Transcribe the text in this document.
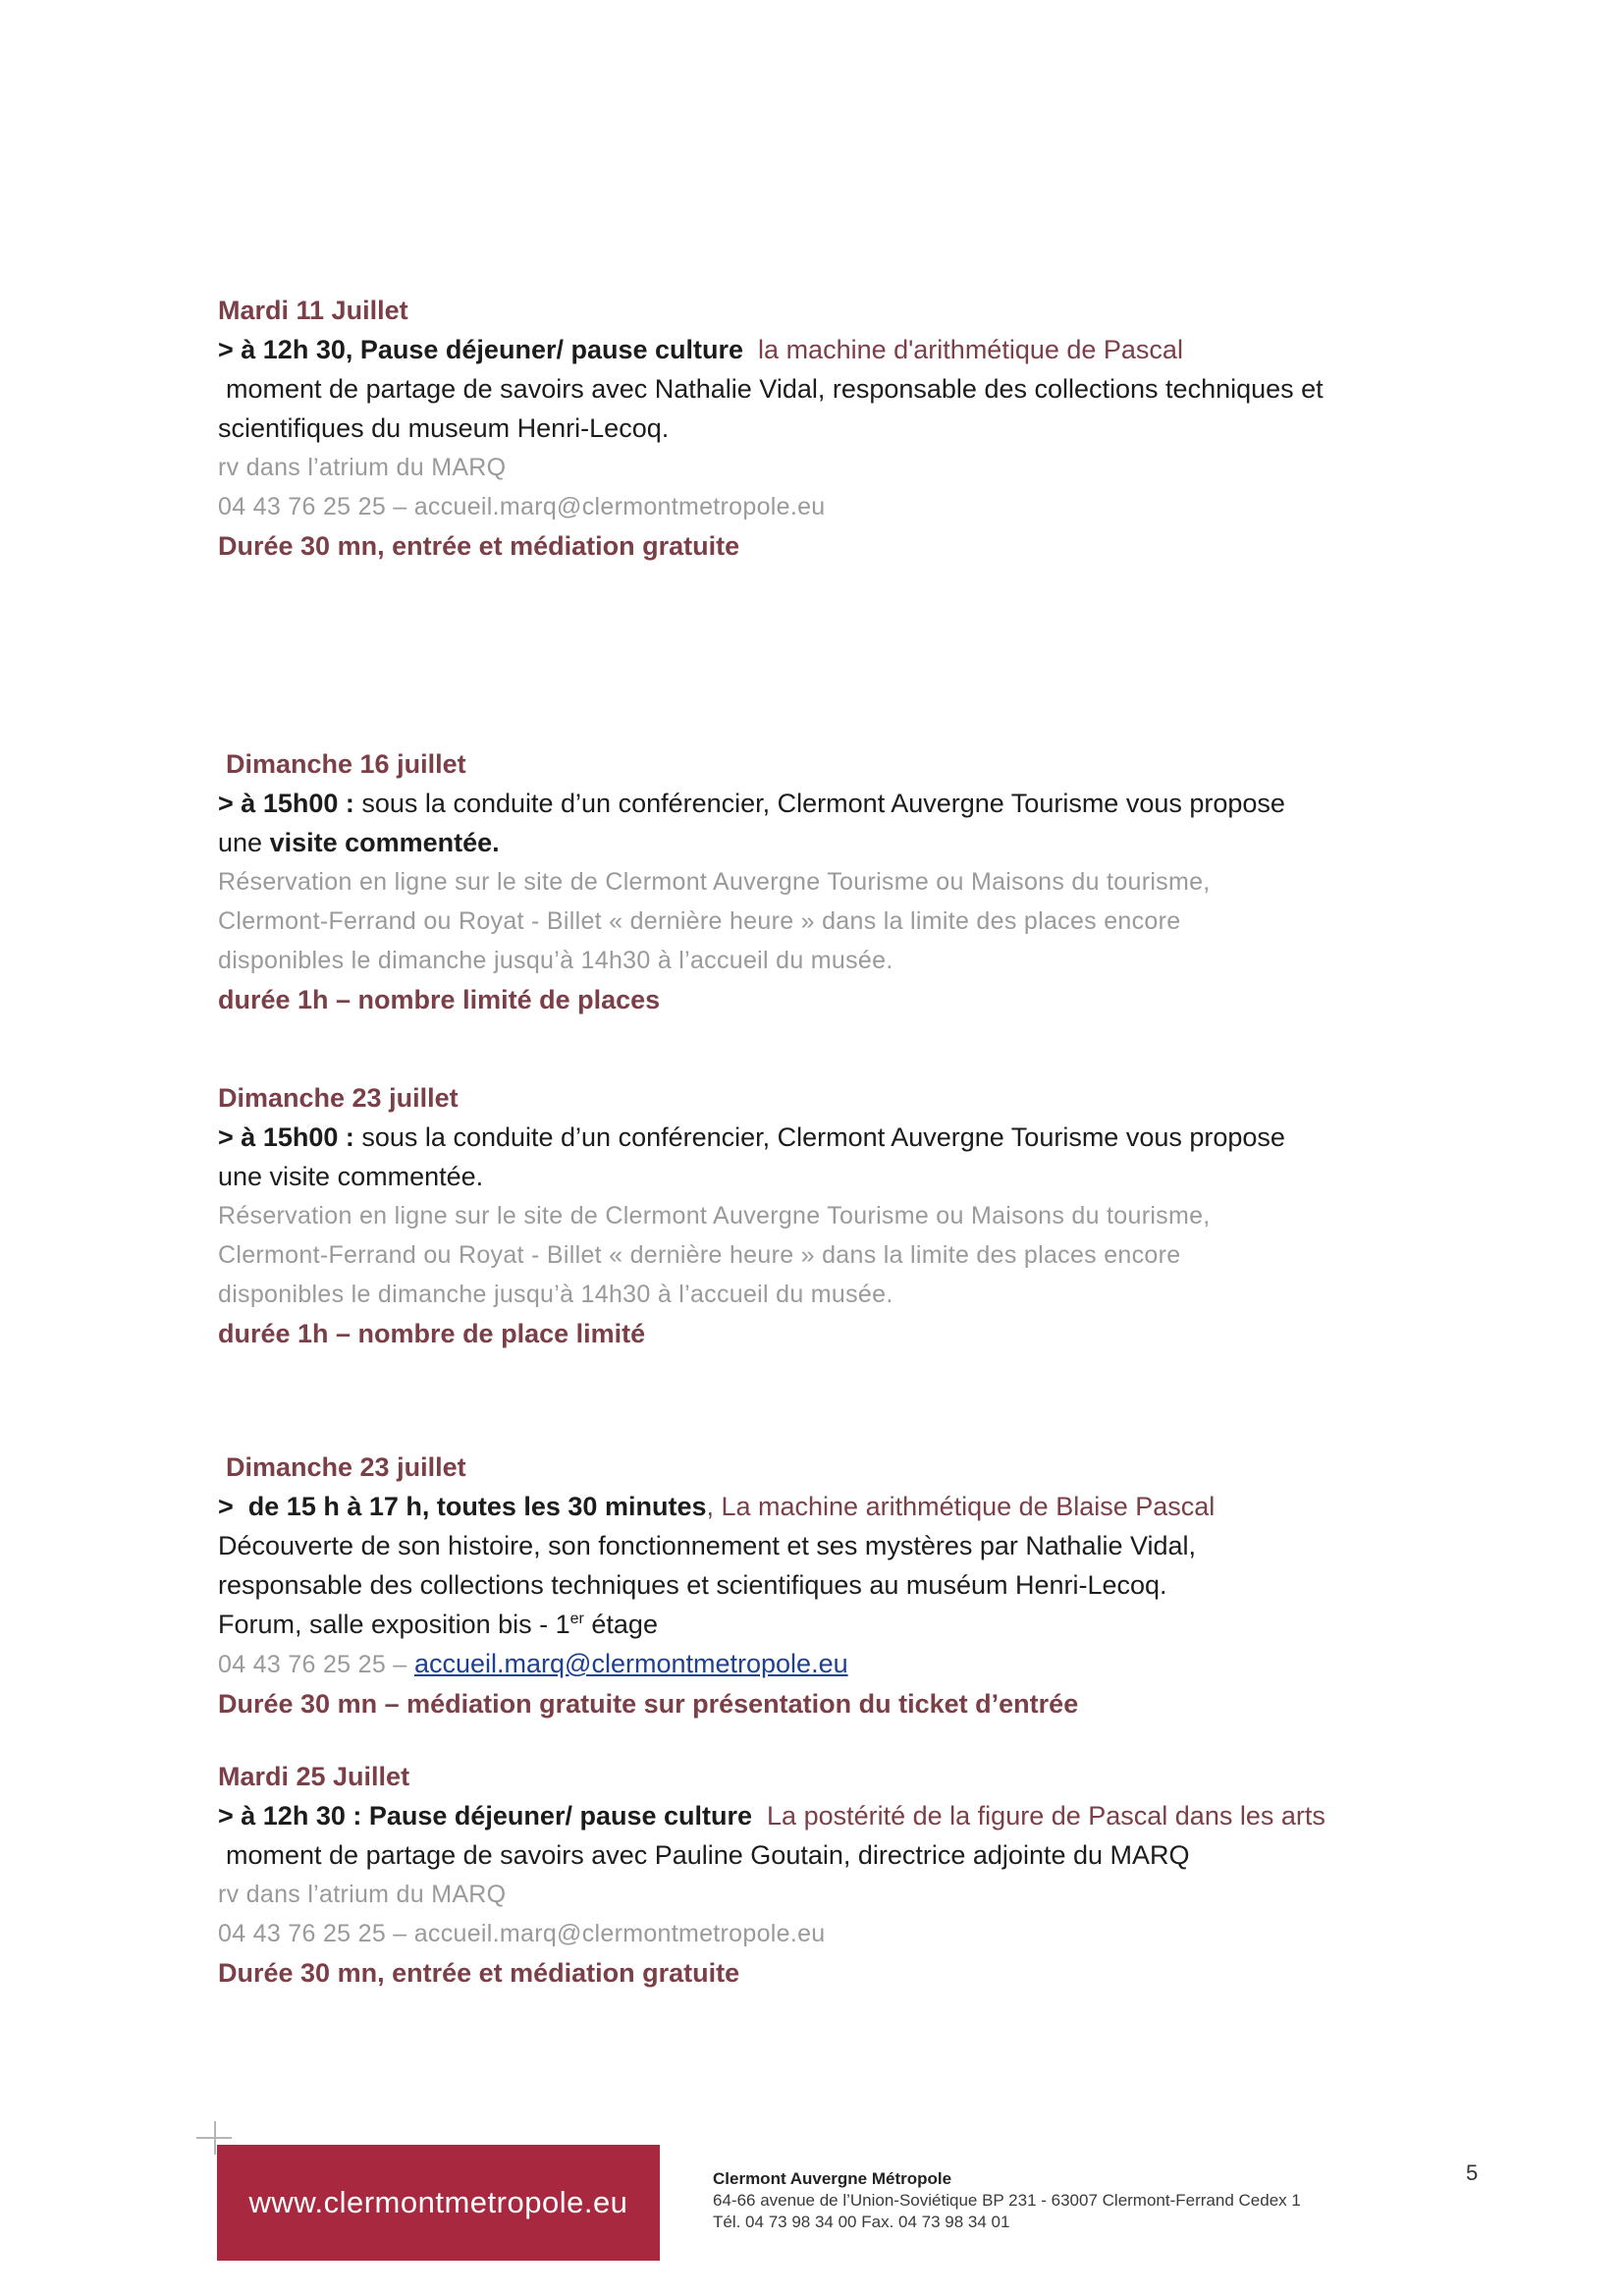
Mardi 11 Juillet
> à 12h 30, Pause déjeuner/ pause culture la machine d'arithmétique de Pascal
moment de partage de savoirs avec Nathalie Vidal, responsable des collections techniques et
scientifiques du museum Henri-Lecoq.
rv dans l’atrium du MARQ
04 43 76 25 25 – accueil.marq@clermontmetropole.eu
Durée 30 mn, entrée et médiation gratuite
Dimanche 16 juillet
> à 15h00 : sous la conduite d’un conférencier, Clermont Auvergne Tourisme vous propose
une visite commentée.
Réservation en ligne sur le site de Clermont Auvergne Tourisme ou Maisons du tourisme,
Clermont-Ferrand ou Royat - Billet « dernière heure » dans la limite des places encore
disponibles le dimanche jusqu’à 14h30 à l’accueil du musée.
durée 1h – nombre limité de places
Dimanche 23 juillet
> à 15h00 : sous la conduite d’un conférencier, Clermont Auvergne Tourisme vous propose
une visite commentée.
Réservation en ligne sur le site de Clermont Auvergne Tourisme ou Maisons du tourisme,
Clermont-Ferrand ou Royat - Billet « dernière heure » dans la limite des places encore
disponibles le dimanche jusqu’à 14h30 à l’accueil du musée.
durée 1h – nombre de place limité
Dimanche 23 juillet
> de 15 h à 17 h, toutes les 30 minutes, La machine arithmétique de Blaise Pascal
Découverte de son histoire, son fonctionnement et ses mystères par Nathalie Vidal,
responsable des collections techniques et scientifiques au muséum Henri-Lecoq.
Forum, salle exposition bis - 1er étage
04 43 76 25 25 – accueil.marq@clermontmetropole.eu
Durée 30 mn – médiation gratuite sur présentation du ticket d’entrée
Mardi 25 Juillet
> à 12h 30 : Pause déjeuner/ pause culture La postérité de la figure de Pascal dans les arts
moment de partage de savoirs avec Pauline Goutain, directrice adjointe du MARQ
rv dans l’atrium du MARQ
04 43 76 25 25 – accueil.marq@clermontmetropole.eu
Durée 30 mn, entrée et médiation gratuite
www.clermontmetropole.eu
Clermont Auvergne Métropole
64-66 avenue de l’Union-Soviétique BP 231 - 63007 Clermont-Ferrand Cedex 1
Tél. 04 73 98 34 00 Fax. 04 73 98 34 01
5
